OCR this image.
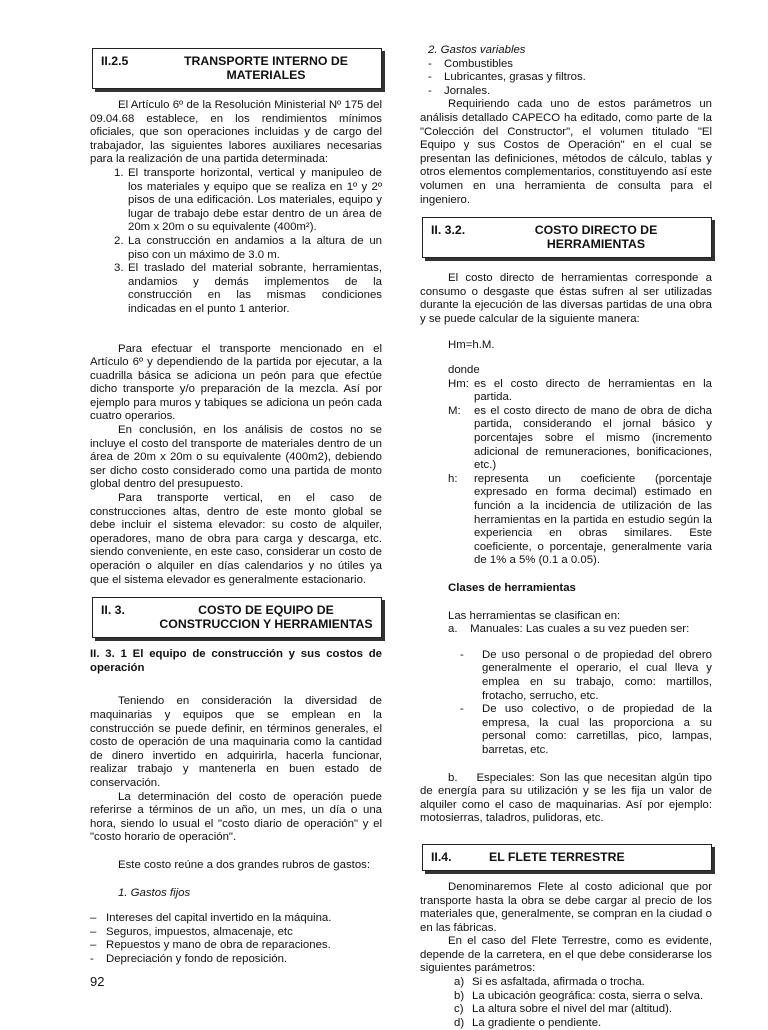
II.2.5	TRANSPORTE INTERNO DE MATERIALES

El Artículo 6º de la Resolución Ministerial Nº 175 del 09.04.68 establece, en los rendimientos mínimos oficiales, que son operaciones incluidas y de cargo del trabajador, las siguientes labores auxiliares necesarias para la realización de una partida determinada:

1. El transporte horizontal, vertical y manipuleo de los materiales y equipo que se realiza en 1º y 2º pisos de una edificación. Los materiales, equipo y lugar de trabajo debe estar dentro de un área de 20m x 20m o su equivalente (400m²).
2. La construcción en andamios a la altura de un piso con un máximo de 3.0 m.
3. El traslado del material sobrante, herramientas, andamios y demás implementos de la construcción en las mismas condiciones indicadas en el punto 1 anterior.

Para efectuar el transporte mencionado en el Artículo 6º y dependiendo de la partida por ejecutar, a la cuadrilla básica se adiciona un peón para que efectúe dicho transporte y/o preparación de la mezcla. Así por ejemplo para muros y tabiques se adiciona un peón cada cuatro operarios.

En conclusión, en los análisis de costos no se incluye el costo del transporte de materiales dentro de un área de 20m x 20m o su equivalente (400m2), debiendo ser dicho costo considerado como una partida de monto global dentro del presupuesto.

Para transporte vertical, en el caso de construcciones altas, dentro de este monto global se debe incluir el sistema elevador: su costo de alquiler, operadores, mano de obra para carga y descarga, etc. siendo conveniente, en este caso, considerar un costo de operación o alquiler en días calendarios y no útiles ya que el sistema elevador es generalmente estacionario.

II. 3.	COSTO DE EQUIPO DE CONSTRUCCION Y HERRAMIENTAS

II. 3. 1 El equipo de construcción y sus costos de operación

Teniendo en consideración la diversidad de maquinarias y equipos que se emplean en la construcción se puede definir, en términos generales, el costo de operación de una maquinaria como la cantidad de dinero invertido en adquirirla, hacerla funcionar, realizar trabajo y mantenerla en buen estado de conservación.

La determinación del costo de operación puede referirse a términos de un año, un mes, un día o una hora, siendo lo usual el "costo diario de operación" y el "costo horario de operación".

Este costo reúne a dos grandes rubros de gastos:

1. Gastos fijos

– Intereses del capital invertido en la máquina.
– Seguros, impuestos, almacenaje, etc
– Repuestos y mano de obra de reparaciones.
- Depreciación y fondo de reposición.

2. Gastos variables

- Combustibles
- Lubricantes, grasas y filtros.
- Jornales.

Requiriendo cada uno de estos parámetros un análisis detallado CAPECO ha editado, como parte de la "Colección del Constructor", el volumen titulado "El Equipo y sus Costos de Operación" en el cual se presentan las definiciones, métodos de cálculo, tablas y otros elementos complementarios, constituyendo así este volumen en una herramienta de consulta para el ingeniero.

II. 3.2.	COSTO DIRECTO DE HERRAMIENTAS

El costo directo de herramientas corresponde a consumo o desgaste que éstas sufren al ser utilizadas durante la ejecución de las diversas partidas de una obra y se puede calcular de la siguiente manera:

Hm=h.M.

donde

Hm: es el costo directo de herramientas en la partida.
M: es el costo directo de mano de obra de dicha partida, considerando el jornal básico y porcentajes sobre el mismo (incremento adicional de remuneraciones, bonificaciones, etc.)
h: representa un coeficiente (porcentaje expresado en forma decimal) estimado en función a la incidencia de utilización de las herramientas en la partida en estudio según la experiencia en obras similares. Este coeficiente, o porcentaje, generalmente varia de 1% a 5% (0.1 a 0.05).

Clases de herramientas

Las herramientas se clasifican en:

a.    Manuales: Las cuales a su vez pueden ser:

- De uso personal o de propiedad del obrero generalmente el operario, el cual lleva y emplea en su trabajo, como: martillos, frotacho, serrucho, etc.
- De uso colectivo, o de propiedad de la empresa, la cual las proporciona a su personal como: carretillas, pico, lampas, barretas, etc.

b.    Especiales: Son las que necesitan algún tipo de energía para su utilización y se les fija un valor de alquiler como el caso de maquinarias. Así por ejemplo: motosierras, taladros, pulidoras, etc.

II.4.	EL FLETE TERRESTRE

Denominaremos Flete al costo adicional que por transporte hasta la obra se debe cargar al precio de los materiales que, generalmente, se compran en la ciudad o en las fábricas.

En el caso del Flete Terrestre, como es evidente, depende de la carretera, en el que debe considerarse los siguientes parámetros:

a) Si es asfaltada, afirmada o trocha.
b) La ubicación geográfica: costa, sierra o selva.
c) La altura sobre el nivel del mar (altitud).
d) La gradiente o pendiente.
92
